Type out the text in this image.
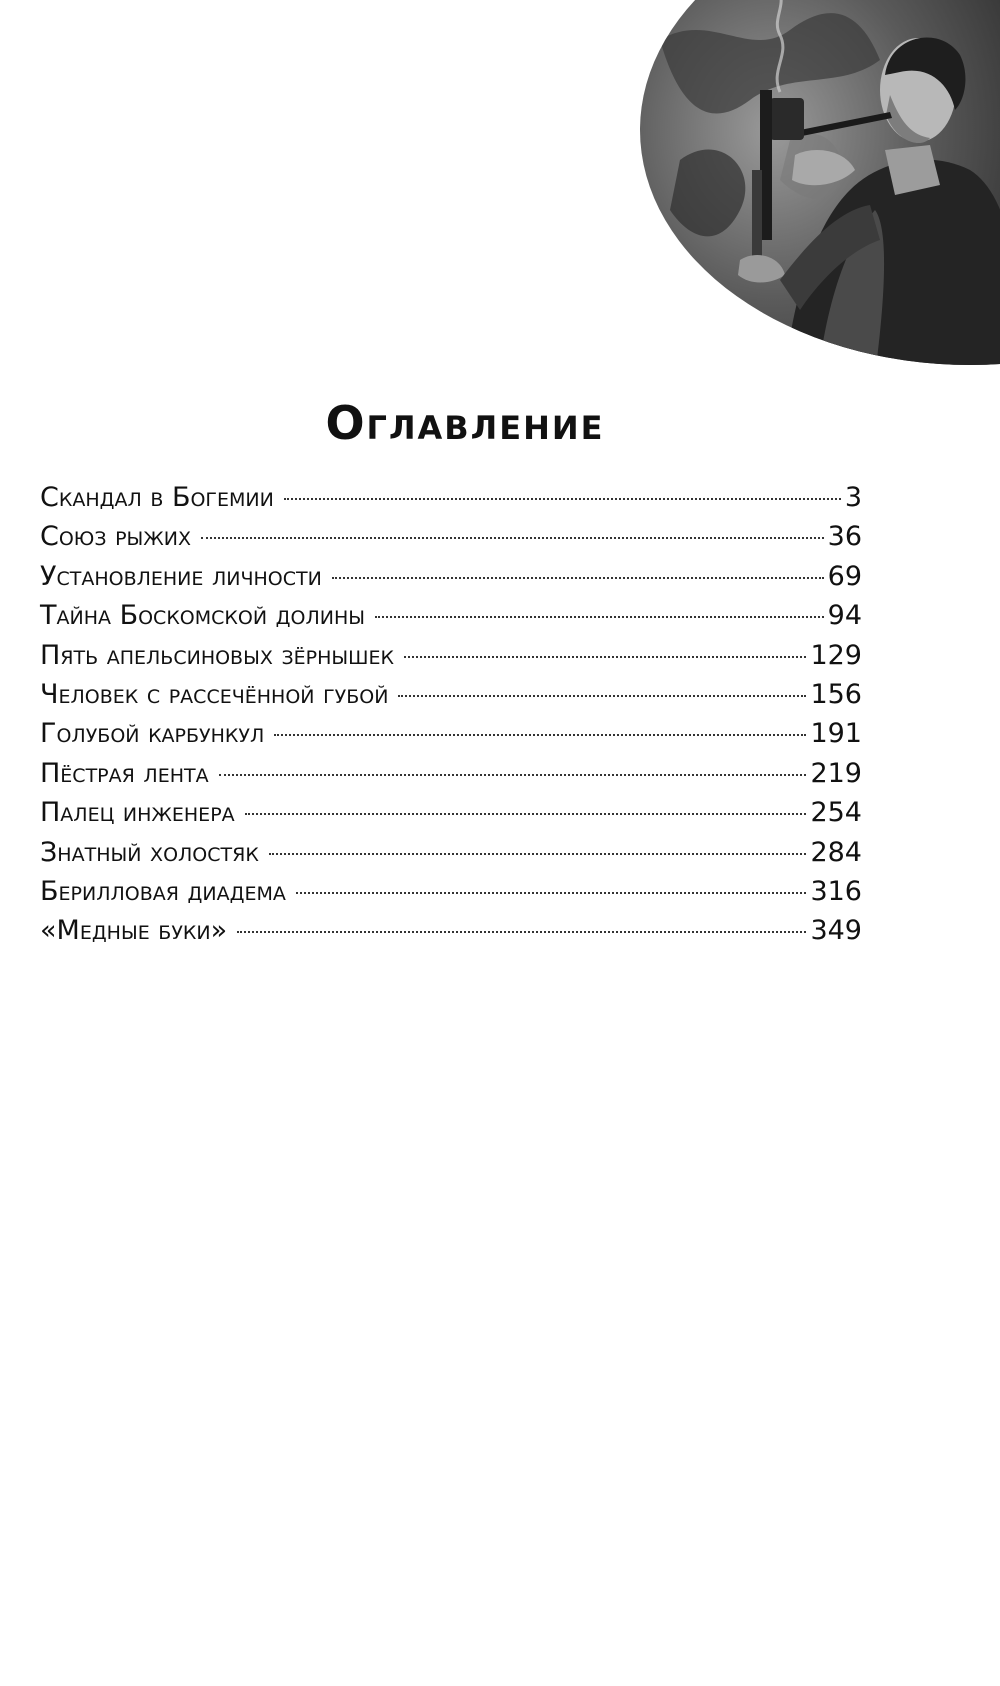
Оглавление
Скандал в Богемии	3
Союз рыжих	36
Установление личности	69
Тайна Боскомской долины	94
Пять апельсиновых зёрнышек	129
Человек с рассечённой губой	156
Голубой карбункул	191
Пёстрая лента	219
Палец инженера	254
Знатный холостяк	284
Берилловая диадема	316
«Медные буки»	349
